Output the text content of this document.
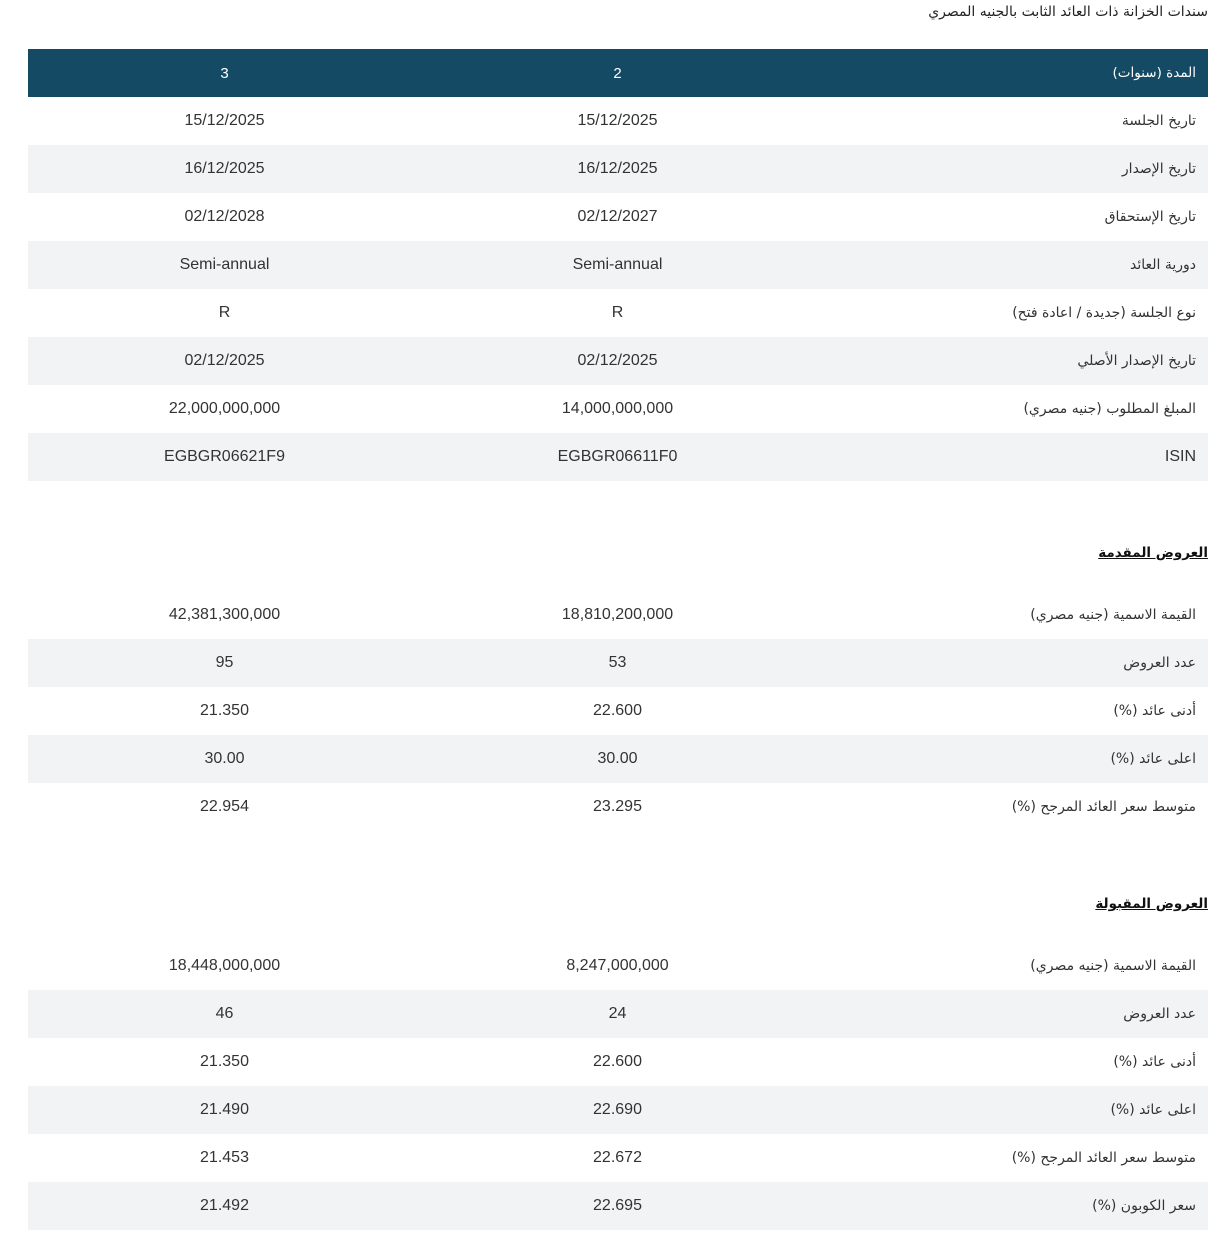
سندات الخزانة ذات العائد الثابت بالجنيه المصري
3	2	المدة (سنوات)
15/12/2025	15/12/2025	تاريخ الجلسة
16/12/2025	16/12/2025	تاريخ الإصدار
02/12/2028	02/12/2027	تاريخ الإستحقاق
Semi-annual	Semi-annual	دورية العائد
R	R	نوع الجلسة (جديدة / اعادة فتح)
02/12/2025	02/12/2025	تاريخ الإصدار الأصلي
22,000,000,000	14,000,000,000	المبلغ المطلوب (جنيه مصري)
EGBGR06621F9	EGBGR06611F0	ISIN
العروض المقدمة
42,381,300,000	18,810,200,000	القيمة الاسمية (جنيه مصري)
95	53	عدد العروض
21.350	22.600	أدنى عائد (%)
30.00	30.00	اعلى عائد (%)
22.954	23.295	متوسط سعر العائد المرجح (%)
العروض المقبولة
18,448,000,000	8,247,000,000	القيمة الاسمية (جنيه مصري)
46	24	عدد العروض
21.350	22.600	أدنى عائد (%)
21.490	22.690	اعلى عائد (%)
21.453	22.672	متوسط سعر العائد المرجح (%)
21.492	22.695	سعر الكوبون (%)
